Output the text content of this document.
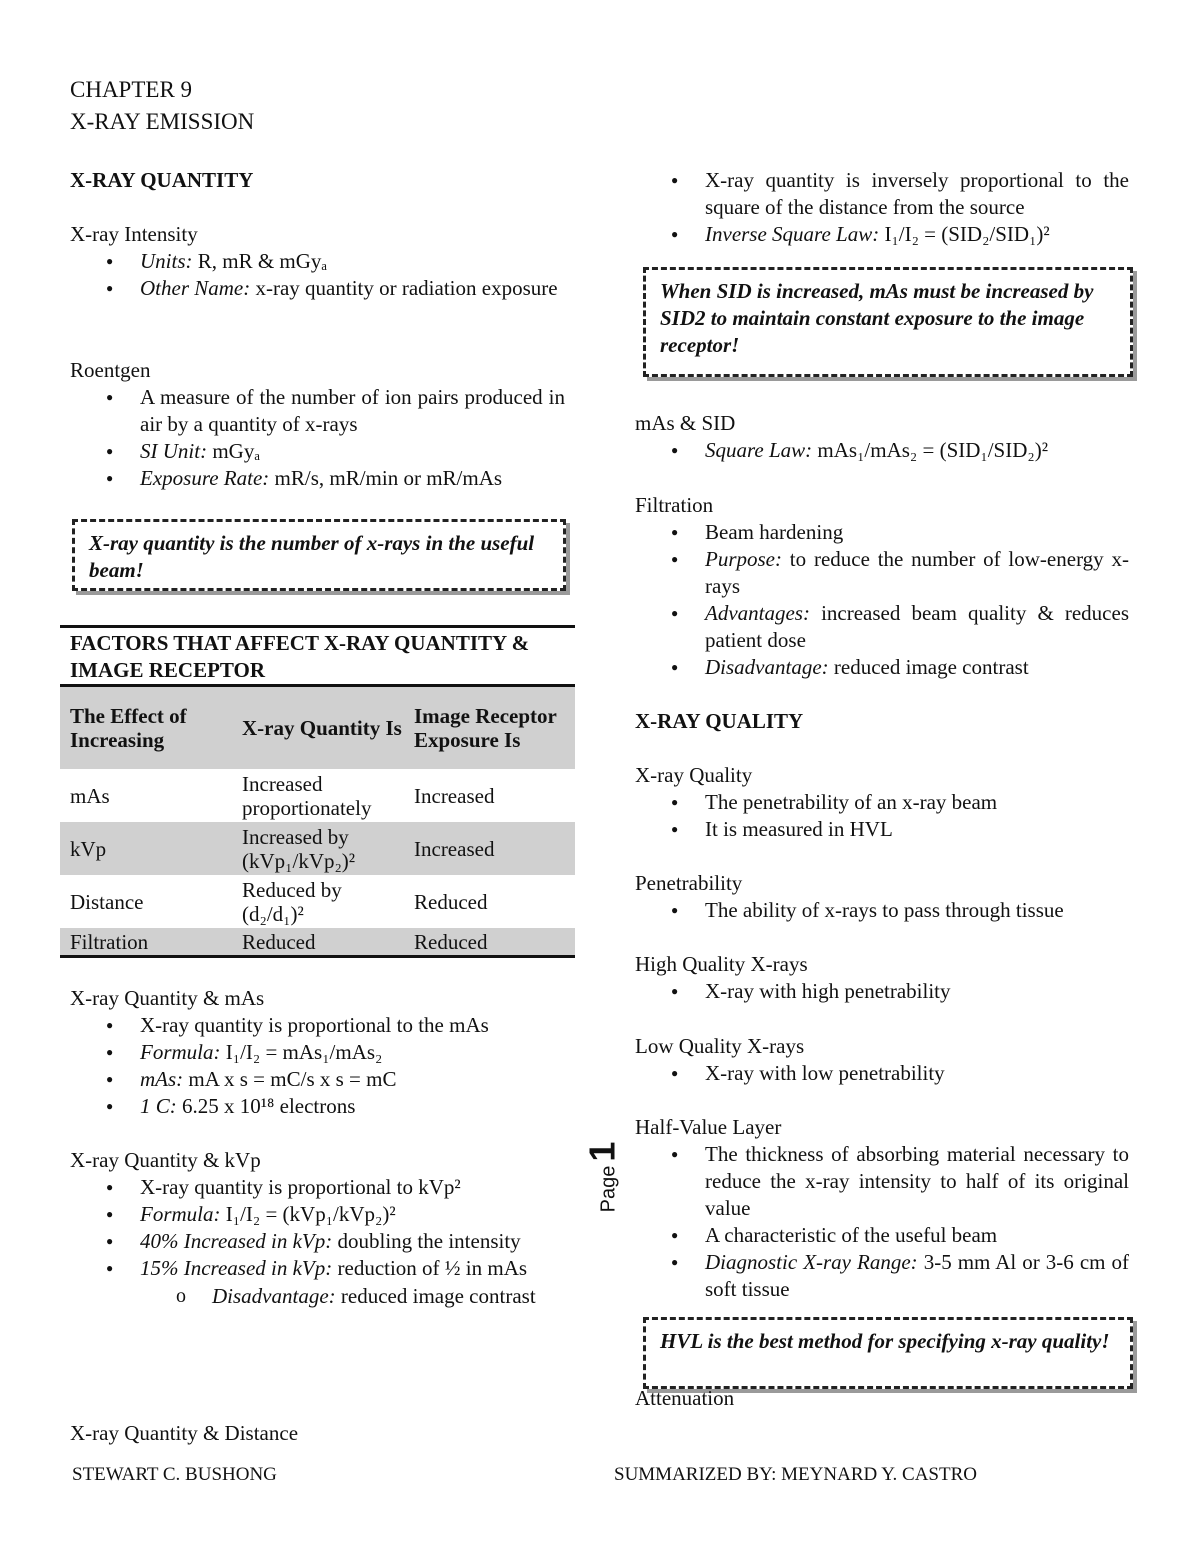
CHAPTER 9
X-RAY EMISSION
X-RAY QUANTITY
X-ray Intensity
● Units: R, mR & mGyₐ
● Other Name: x-ray quantity or radiation exposure
Roentgen
● A measure of the number of ion pairs produced in air by a quantity of x-rays
● SI Unit: mGyₐ
● Exposure Rate: mR/s, mR/min or mR/mAs
X-ray quantity is the number of x-rays in the useful beam!
FACTORS THAT AFFECT X-RAY QUANTITY & IMAGE RECEPTOR
The Effect of Increasing	X-ray Quantity Is	Image Receptor Exposure Is
mAs	Increased proportionately	Increased
kVp	Increased by (kVp₁/kVp₂)²	Increased
Distance	Reduced by (d₂/d₁)²	Reduced
Filtration	Reduced	Reduced
X-ray Quantity & mAs
● X-ray quantity is proportional to the mAs
● Formula: I₁/I₂ = mAs₁/mAs₂
● mAs: mA x s = mC/s x s = mC
● 1 C: 6.25 x 10¹⁸ electrons
X-ray Quantity & kVp
● X-ray quantity is proportional to kVp²
● Formula: I₁/I₂ = (kVp₁/kVp₂)²
● 40% Increased in kVp: doubling the intensity
● 15% Increased in kVp: reduction of ½ in mAs
o Disadvantage: reduced image contrast
X-ray Quantity & Distance
● X-ray quantity is inversely proportional to the square of the distance from the source
● Inverse Square Law: I₁/I₂ = (SID₂/SID₁)²
When SID is increased, mAs must be increased by SID2 to maintain constant exposure to the image receptor!
mAs & SID
● Square Law: mAs₁/mAs₂ = (SID₁/SID₂)²
Filtration
● Beam hardening
● Purpose: to reduce the number of low-energy x-rays
● Advantages: increased beam quality & reduces patient dose
● Disadvantage: reduced image contrast
X-RAY QUALITY
X-ray Quality
● The penetrability of an x-ray beam
● It is measured in HVL
Penetrability
● The ability of x-rays to pass through tissue
High Quality X-rays
● X-ray with high penetrability
Low Quality X-rays
● X-ray with low penetrability
Half-Value Layer
● The thickness of absorbing material necessary to reduce the x-ray intensity to half of its original value
● A characteristic of the useful beam
● Diagnostic X-ray Range: 3-5 mm Al or 3-6 cm of soft tissue
HVL is the best method for specifying x-ray quality!
Attenuation
Page1
STEWART C. BUSHONG	SUMMARIZED BY: MEYNARD Y. CASTRO
